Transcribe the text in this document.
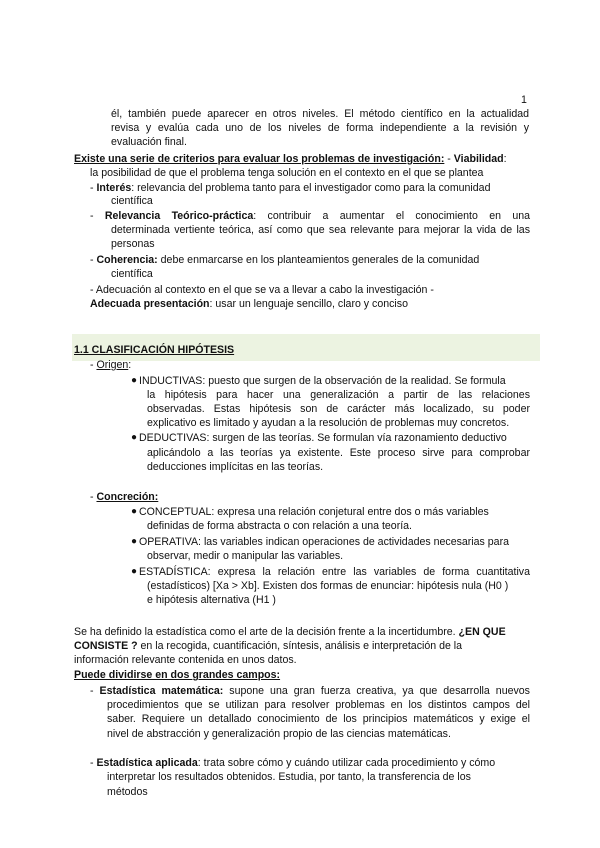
1
él, también puede aparecer en otros niveles. El método científico en la actualidad
revisa y evalúa cada uno de los niveles de forma independiente a la revisión y
evaluación final.
Existe una serie de criterios para evaluar los problemas de investigación: - Viabilidad:
la posibilidad de que el problema tenga solución en el contexto en el que se plantea
- Interés: relevancia del problema tanto para el investigador como para la comunidad
científica
- Relevancia Teórico-práctica: contribuir a aumentar el conocimiento en una
determinada vertiente teórica, así como que sea relevante para mejorar la vida de las
personas
- Coherencia: debe enmarcarse en los planteamientos generales de la comunidad
científica
- Adecuación al contexto en el que se va a llevar a cabo la investigación -
Adecuada presentación: usar un lenguaje sencillo, claro y conciso
1.1 CLASIFICACIÓN HIPÓTESIS
- Origen:
● INDUCTIVAS: puesto que surgen de la observación de la realidad. Se formula
la hipótesis para hacer una generalización a partir de las relaciones
observadas. Estas hipótesis son de carácter más localizado, su poder
explicativo es limitado y ayudan a la resolución de problemas muy concretos.
● DEDUCTIVAS: surgen de las teorías. Se formulan vía razonamiento deductivo
aplicándolo a las teorías ya existente. Este proceso sirve para comprobar
deducciones implícitas en las teorías.
- Concreción:
● CONCEPTUAL: expresa una relación conjetural entre dos o más variables
definidas de forma abstracta o con relación a una teoría.
● OPERATIVA: las variables indican operaciones de actividades necesarias para
observar, medir o manipular las variables.
● ESTADÍSTICA: expresa la relación entre las variables de forma cuantitativa
(estadísticos) [Xa > Xb]. Existen dos formas de enunciar: hipótesis nula (H0 )
e hipótesis alternativa (H1 )
Se ha definido la estadística como el arte de la decisión frente a la incertidumbre. ¿EN QUE
CONSISTE ? en la recogida, cuantificación, síntesis, análisis e interpretación de la
información relevante contenida en unos datos.
Puede dividirse en dos grandes campos:
- Estadística matemática: supone una gran fuerza creativa, ya que desarrolla nuevos
procedimientos que se utilizan para resolver problemas en los distintos campos del
saber. Requiere un detallado conocimiento de los principios matemáticos y exige el
nivel de abstracción y generalización propio de las ciencias matemáticas.
- Estadística aplicada: trata sobre cómo y cuándo utilizar cada procedimiento y cómo
interpretar los resultados obtenidos. Estudia, por tanto, la transferencia de los
métodos
